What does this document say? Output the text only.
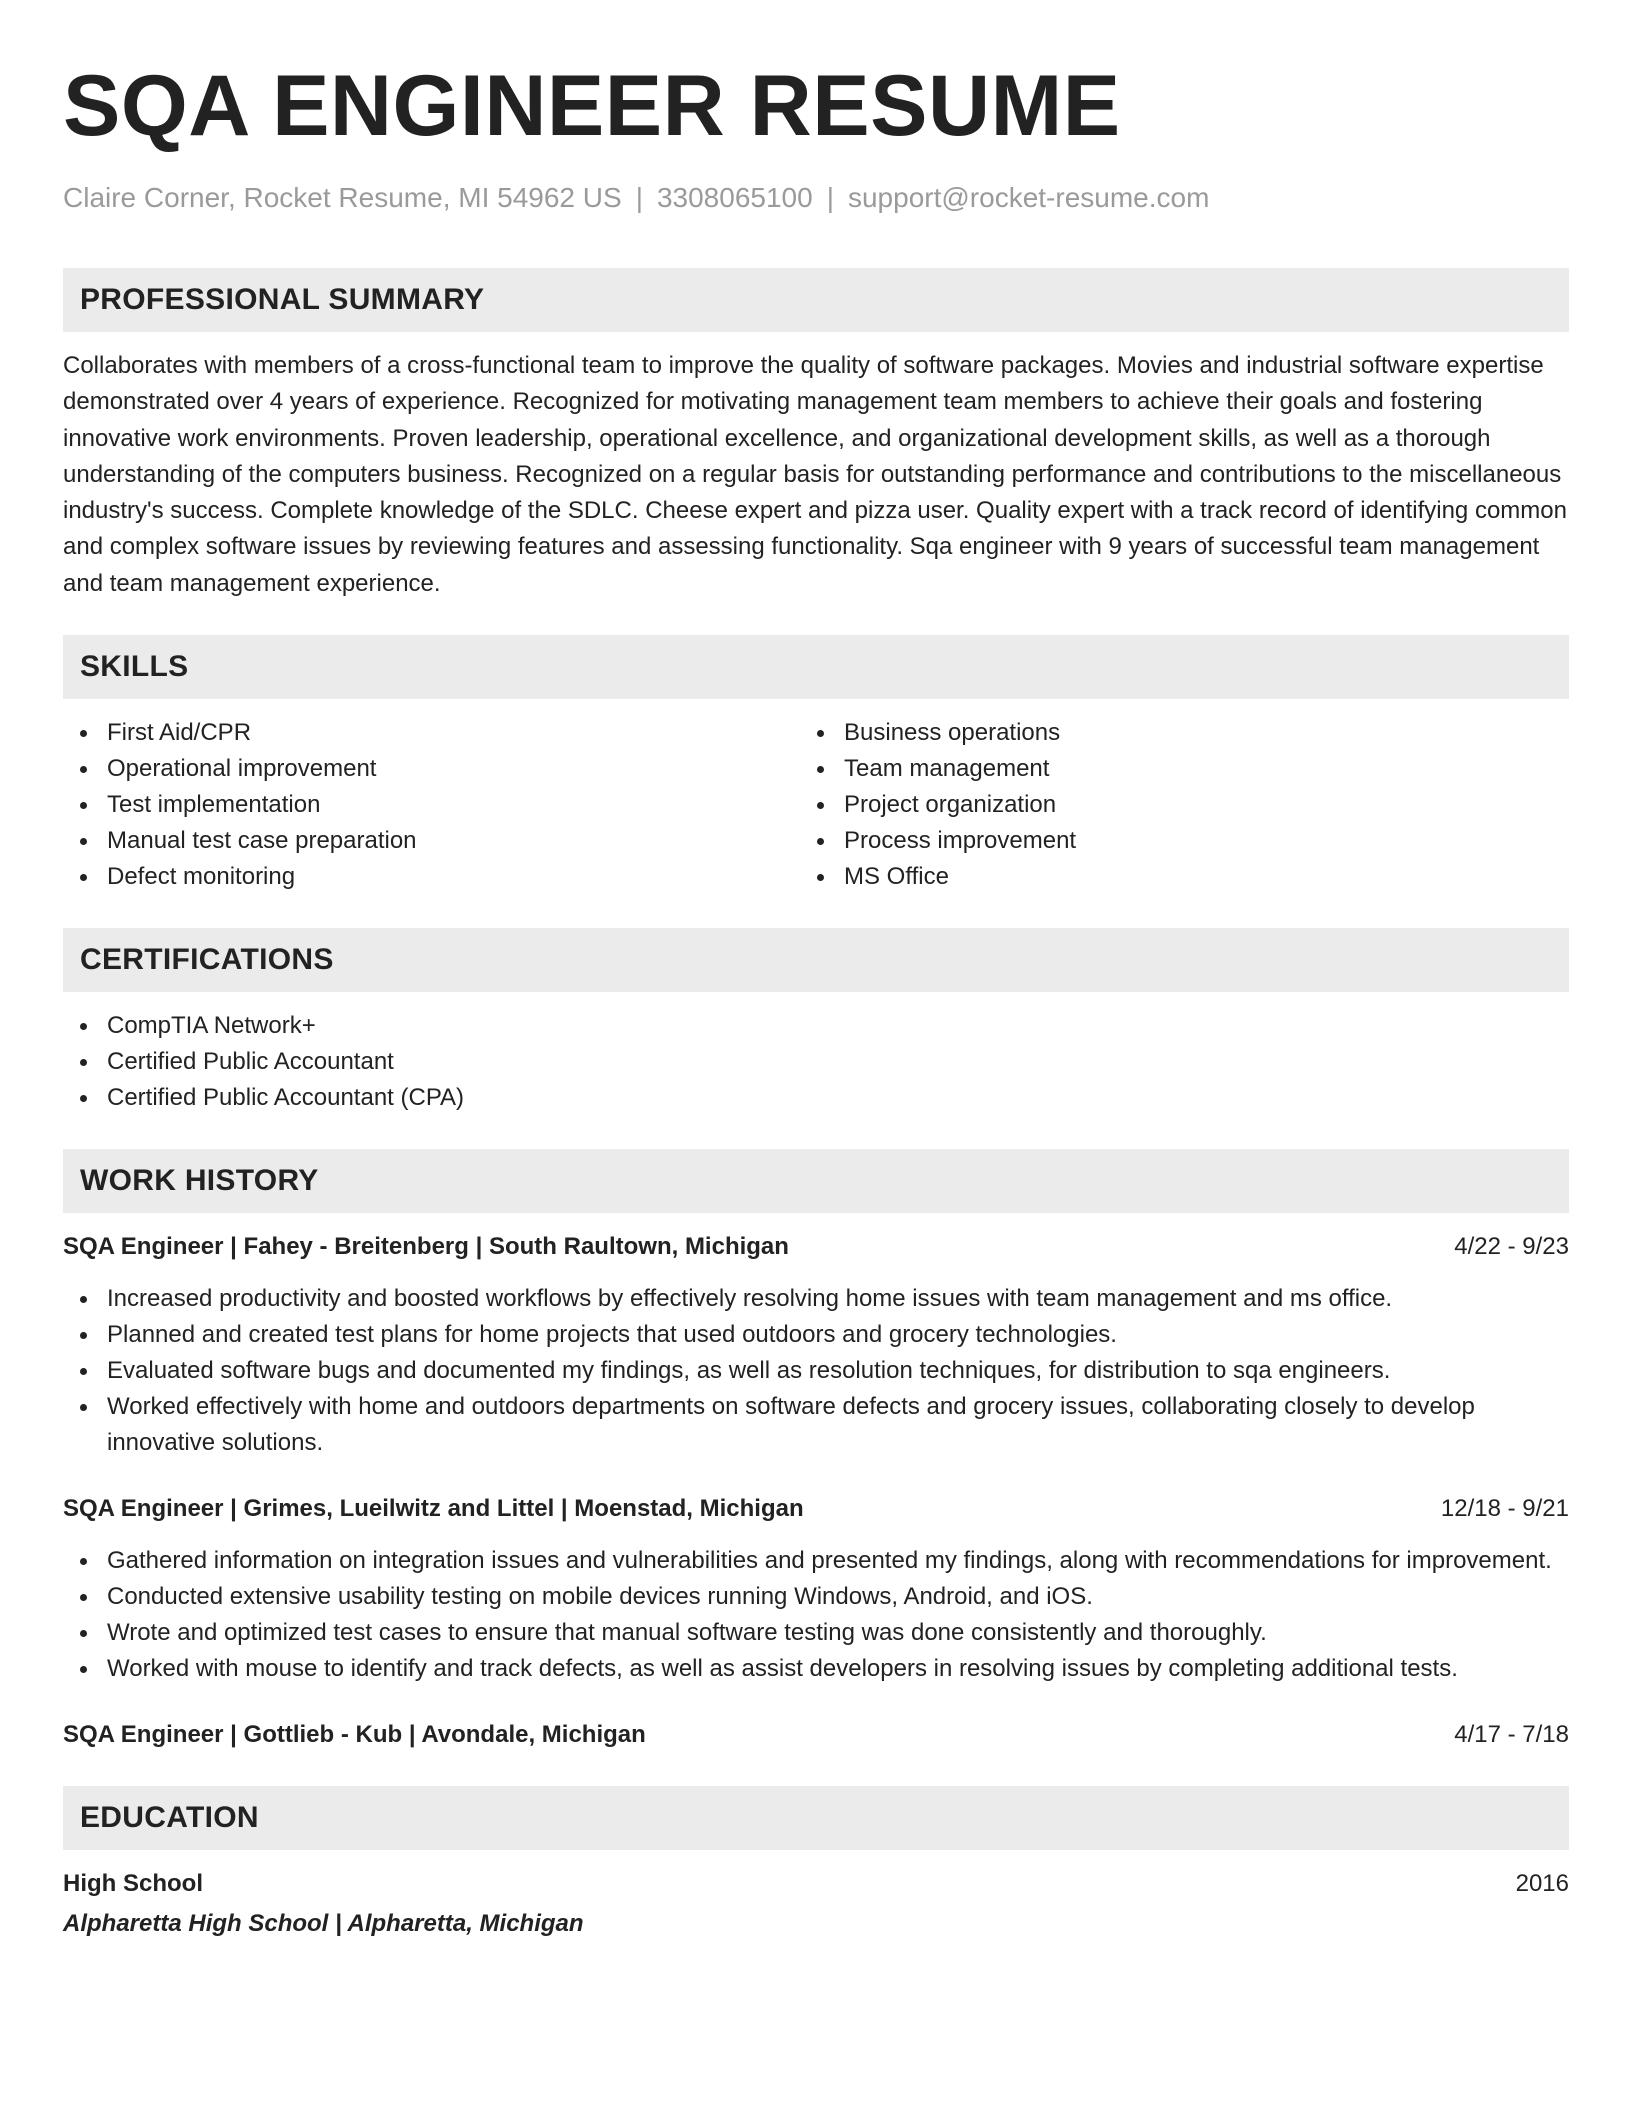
SQA ENGINEER RESUME
Claire Corner, Rocket Resume, MI 54962 US | 3308065100 | support@rocket-resume.com
PROFESSIONAL SUMMARY
Collaborates with members of a cross-functional team to improve the quality of software packages. Movies and industrial software expertise demonstrated over 4 years of experience. Recognized for motivating management team members to achieve their goals and fostering innovative work environments. Proven leadership, operational excellence, and organizational development skills, as well as a thorough understanding of the computers business. Recognized on a regular basis for outstanding performance and contributions to the miscellaneous industry's success. Complete knowledge of the SDLC. Cheese expert and pizza user. Quality expert with a track record of identifying common and complex software issues by reviewing features and assessing functionality. Sqa engineer with 9 years of successful team management and team management experience.
SKILLS
First Aid/CPR
Operational improvement
Test implementation
Manual test case preparation
Defect monitoring
Business operations
Team management
Project organization
Process improvement
MS Office
CERTIFICATIONS
CompTIA Network+
Certified Public Accountant
Certified Public Accountant (CPA)
WORK HISTORY
SQA Engineer | Fahey - Breitenberg | South Raultown, Michigan	4/22 - 9/23
Increased productivity and boosted workflows by effectively resolving home issues with team management and ms office.
Planned and created test plans for home projects that used outdoors and grocery technologies.
Evaluated software bugs and documented my findings, as well as resolution techniques, for distribution to sqa engineers.
Worked effectively with home and outdoors departments on software defects and grocery issues, collaborating closely to develop innovative solutions.
SQA Engineer | Grimes, Lueilwitz and Littel | Moenstad, Michigan	12/18 - 9/21
Gathered information on integration issues and vulnerabilities and presented my findings, along with recommendations for improvement.
Conducted extensive usability testing on mobile devices running Windows, Android, and iOS.
Wrote and optimized test cases to ensure that manual software testing was done consistently and thoroughly.
Worked with mouse to identify and track defects, as well as assist developers in resolving issues by completing additional tests.
SQA Engineer | Gottlieb - Kub | Avondale, Michigan	4/17 - 7/18
EDUCATION
High School	2016
Alpharetta High School | Alpharetta, Michigan
